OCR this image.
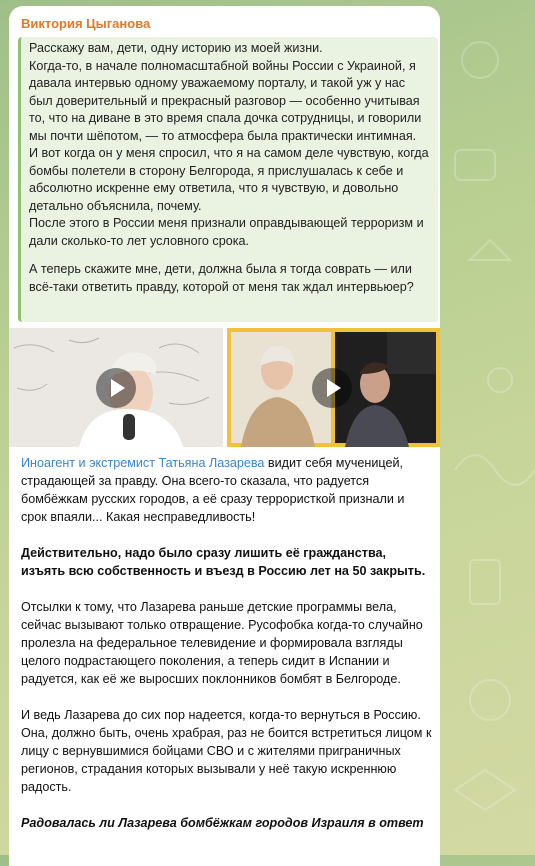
Виктория Цыганова

Расскажу вам, дети, одну историю из моей жизни.
Когда-то, в начале полномасштабной войны России с Украиной, я давала интервью одному уважаемому порталу, и такой уж у нас был доверительный и прекрасный разговор — особенно учитывая то, что на диване в это время спала дочка сотрудницы, и говорили мы почти шёпотом, — то атмосфера была практически интимная.
И вот когда он у меня спросил, что я на самом деле чувствую, когда бомбы полетели в сторону Белгорода, я прислушалась к себе и абсолютно искренне ему ответила, что я чувствую, и довольно детально объяснила, почему.
После этого в России меня признали оправдывающей терроризм и дали сколько-то лет условного срока.

А теперь скажите мне, дети, должна была я тогда соврать — или всё-таки ответить правду, которой от меня так ждал интервьюер?

Иноагент и экстремист Татьяна Лазарева видит себя мученицей, страдающей за правду. Она всего-то сказала, что радуется бомбёжкам русских городов, а её сразу террористкой признали и срок впаяли... Какая несправедливость!

Действительно, надо было сразу лишить её гражданства, изъять всю собственность и въезд в Россию лет на 50 закрыть.

Отсылки к тому, что Лазарева раньше детские программы вела, сейчас вызывают только отвращение. Русофобка когда-то случайно пролезла на федеральное телевидение и формировала взгляды целого подрастающего поколения, а теперь сидит в Испании и радуется, как её же выросших поклонников бомбят в Белгороде.

И ведь Лазарева до сих пор надеется, когда-то вернуться в Россию. Она, должно быть, очень храбрая, раз не боится встретиться лицом к лицу с вернувшимися бойцами СВО и с жителями приграничных регионов, страдания которых вызывали у неё такую искреннюю радость.

Радовалась ли Лазарева бомбёжкам городов Израиля в ответ
